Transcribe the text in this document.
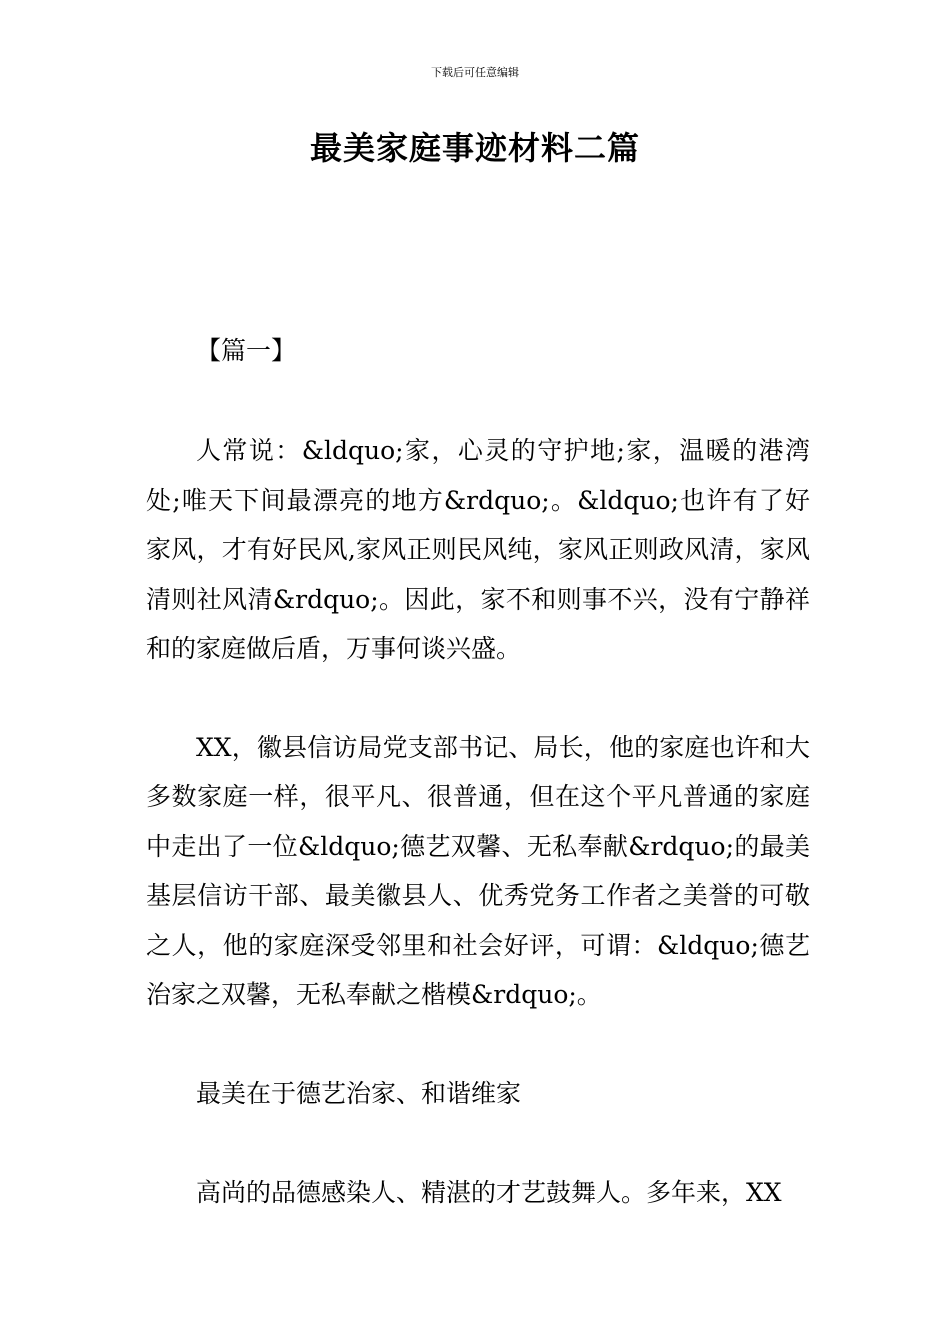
下载后可任意编辑
最美家庭事迹材料二篇
【篇一】

人常说：&ldquo;家，心灵的守护地;家，温暖的港湾处;唯天下间最漂亮的地方&rdquo;。&ldquo;也许有了好家风，才有好民风,家风正则民风纯，家风正则政风清，家风清则社风清&rdquo;。因此，家不和则事不兴，没有宁静祥和的家庭做后盾，万事何谈兴盛。

XX，徽县信访局党支部书记、局长，他的家庭也许和大多数家庭一样，很平凡、很普通，但在这个平凡普通的家庭中走出了一位&ldquo;德艺双馨、无私奉献&rdquo;的最美基层信访干部、最美徽县人、优秀党务工作者之美誉的可敬之人，他的家庭深受邻里和社会好评，可谓：&ldquo;德艺治家之双馨，无私奉献之楷模&rdquo;。

最美在于德艺治家、和谐维家

高尚的品德感染人、精湛的才艺鼓舞人。多年来，XX
